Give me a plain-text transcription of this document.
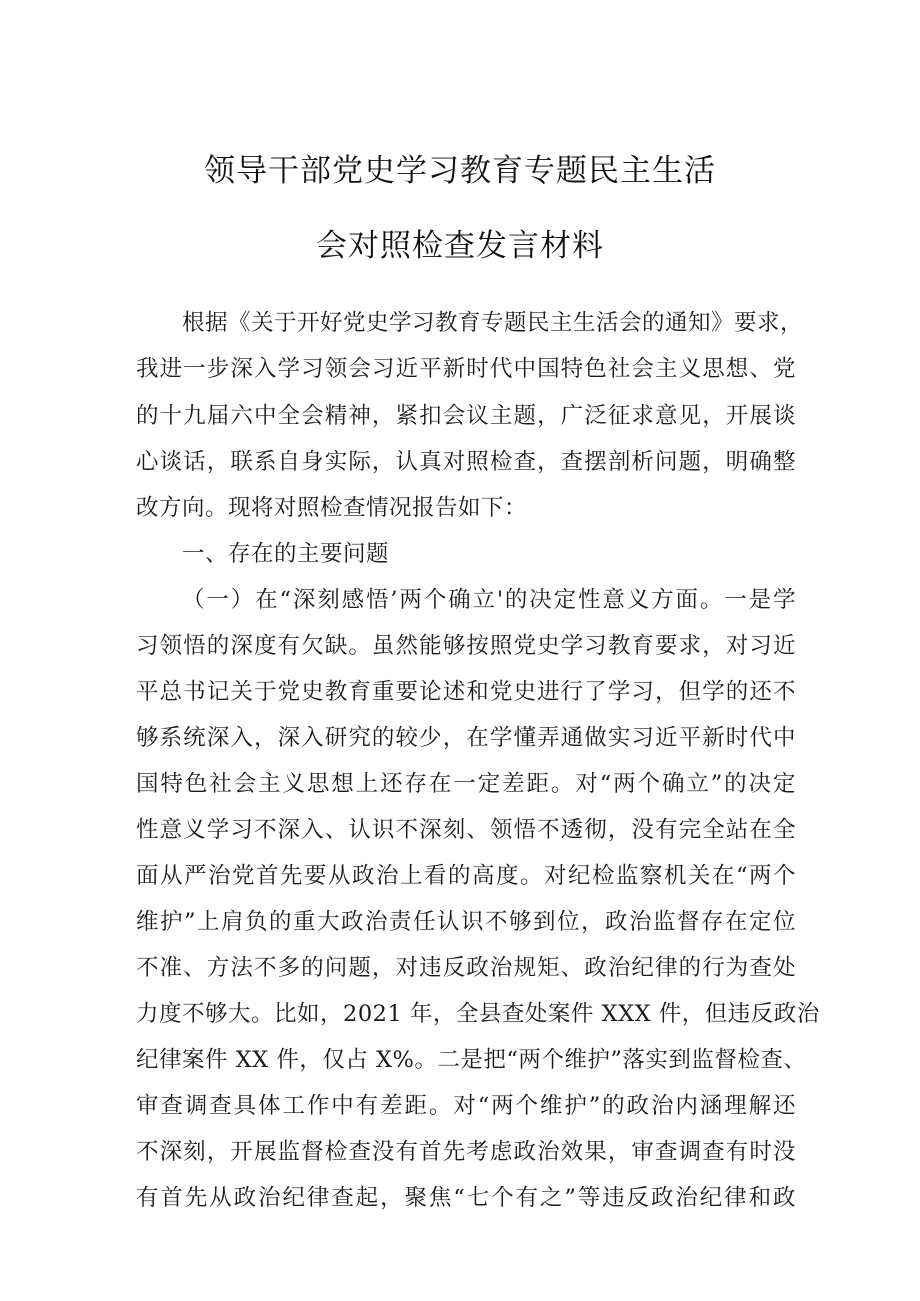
领导干部党史学习教育专题民主生活
会对照检查发言材料
根据《关于开好党史学习教育专题民主生活会的通知》要求，
我进一步深入学习领会习近平新时代中国特色社会主义思想、党
的十九届六中全会精神，紧扣会议主题，广泛征求意见，开展谈
心谈话，联系自身实际，认真对照检查，查摆剖析问题，明确整
改方向。现将对照检查情况报告如下：
一、存在的主要问题
（一）在“深刻感悟’两个确立'的决定性意义方面。一是学
习领悟的深度有欠缺。虽然能够按照党史学习教育要求，对习近
平总书记关于党史教育重要论述和党史进行了学习，但学的还不
够系统深入，深入研究的较少，在学懂弄通做实习近平新时代中
国特色社会主义思想上还存在一定差距。对“两个确立”的决定
性意义学习不深入、认识不深刻、领悟不透彻，没有完全站在全
面从严治党首先要从政治上看的高度。对纪检监察机关在“两个
维护”上肩负的重大政治责任认识不够到位，政治监督存在定位
不准、方法不多的问题，对违反政治规矩、政治纪律的行为查处
力度不够大。比如，2021 年，全县查处案件 XXX 件，但违反政治
纪律案件 XX 件，仅占 X%。二是把“两个维护”落实到监督检查、
审查调查具体工作中有差距。对“两个维护”的政治内涵理解还
不深刻，开展监督检查没有首先考虑政治效果，审查调查有时没
有首先从政治纪律查起，聚焦“七个有之”等违反政治纪律和政
